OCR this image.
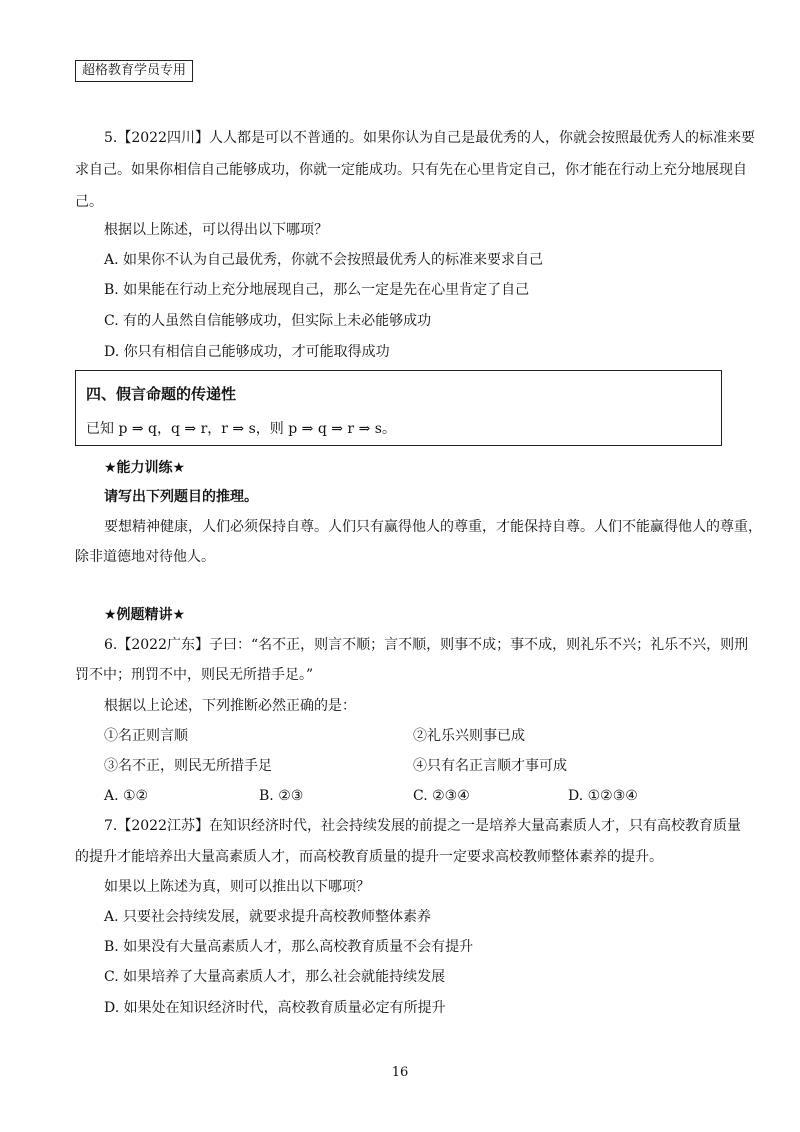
超格教育学员专用
5.【2022四川】人人都是可以不普通的。如果你认为自己是最优秀的人，你就会按照最优秀人的标准来要
求自己。如果你相信自己能够成功，你就一定能成功。只有先在心里肯定自己，你才能在行动上充分地展现自
己。
根据以上陈述，可以得出以下哪项？
A. 如果你不认为自己最优秀，你就不会按照最优秀人的标准来要求自己
B. 如果能在行动上充分地展现自己，那么一定是先在心里肯定了自己
C. 有的人虽然自信能够成功，但实际上未必能够成功
D. 你只有相信自己能够成功，才可能取得成功
四、假言命题的传递性
已知 p ⇒ q，q ⇒ r，r ⇒ s，则 p ⇒ q ⇒ r ⇒ s。
★能力训练★
请写出下列题目的推理。
要想精神健康，人们必须保持自尊。人们只有赢得他人的尊重，才能保持自尊。人们不能赢得他人的尊重，
除非道德地对待他人。
★例题精讲★
6.【2022广东】子曰：“名不正，则言不顺；言不顺，则事不成；事不成，则礼乐不兴；礼乐不兴，则刑
罚不中；刑罚不中，则民无所措手足。”
根据以上论述，下列推断必然正确的是：
①名正则言顺	②礼乐兴则事已成
③名不正，则民无所措手足	④只有名正言顺才事可成
A. ①②	B. ②③	C. ②③④	D. ①②③④
7.【2022江苏】在知识经济时代，社会持续发展的前提之一是培养大量高素质人才，只有高校教育质量
的提升才能培养出大量高素质人才，而高校教育质量的提升一定要求高校教师整体素养的提升。
如果以上陈述为真，则可以推出以下哪项？
A. 只要社会持续发展，就要求提升高校教师整体素养
B. 如果没有大量高素质人才，那么高校教育质量不会有提升
C. 如果培养了大量高素质人才，那么社会就能持续发展
D. 如果处在知识经济时代，高校教育质量必定有所提升
16
